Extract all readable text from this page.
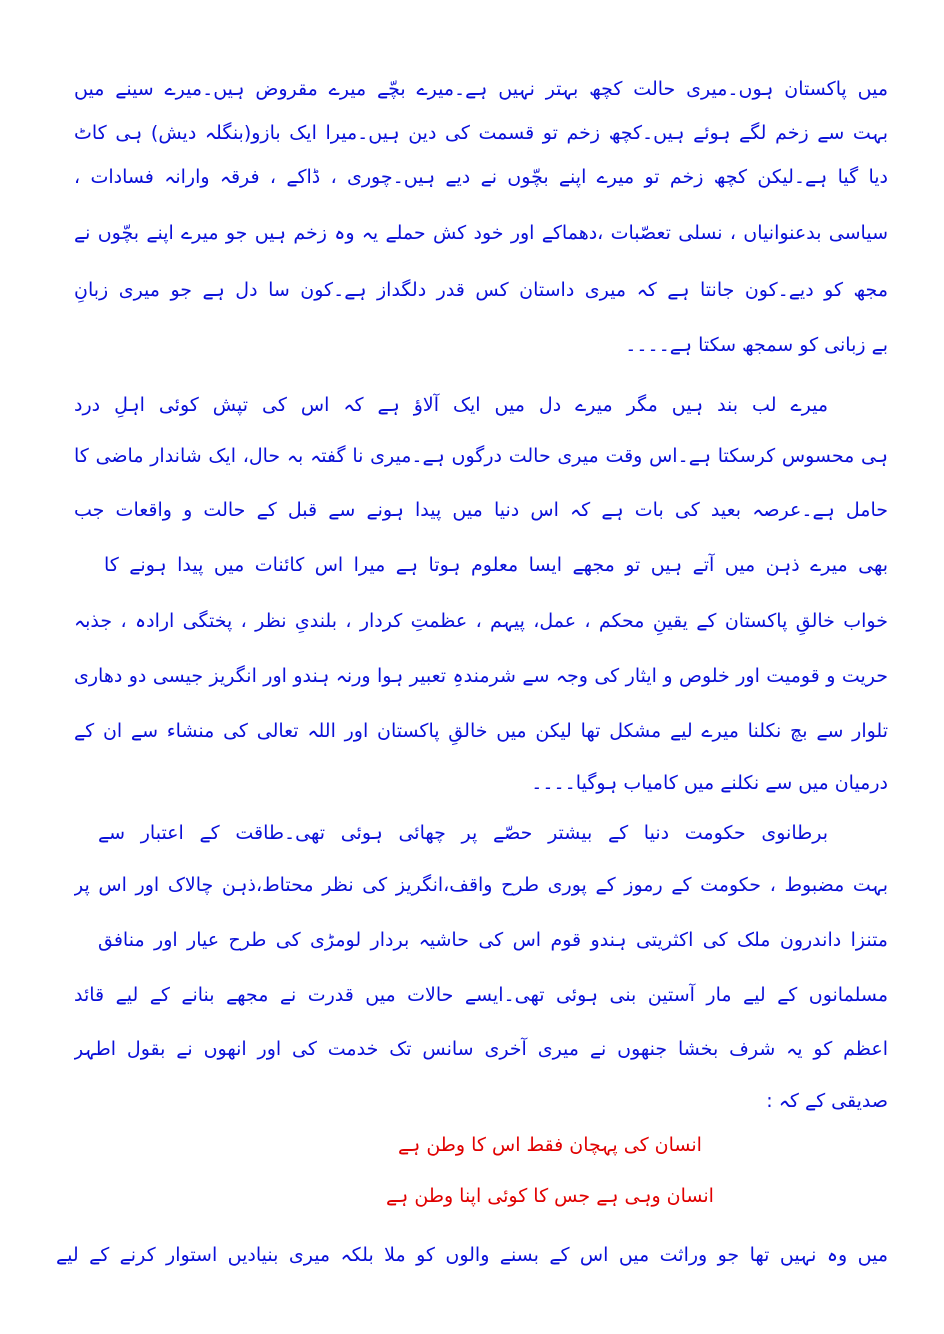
میں پاکستان ہوں۔میری حالت کچھ بہتر نہیں ہے۔میرے بچّے میرے مقروض ہیں۔میرے سینے میں
بہت سے زخم لگے ہوئے ہیں۔کچھ زخم تو قسمت کی دین ہیں۔میرا ایک بازو(بنگلہ دیش) ہی کاٹ
دیا گیا ہے۔لیکن کچھ زخم تو میرے اپنے بچّوں نے دیے ہیں۔چوری ، ڈاکے ، فرقہ وارانہ فسادات ،
سیاسی بدعنوانیاں ، نسلی تعصّبات ،دھماکے اور خود کش حملے یہ وہ زخم ہیں جو میرے اپنے بچّوں نے
مجھ کو دیے۔کون جانتا ہے کہ میری داستان کس قدر دلگداز ہے۔کون سا دل ہے جو میری زبانِ
بے زبانی کو سمجھ سکتا ہے۔۔۔۔
میرے لب بند ہیں مگر میرے دل میں ایک آلاؤ ہے کہ اس کی تپش کوئی اہلِ درد
ہی محسوس کرسکتا ہے۔اس وقت میری حالت درگوں ہے۔میری نا گفتہ بہ حال، ایک شاندار ماضی کا
حامل ہے۔عرصہ بعید کی بات ہے کہ اس دنیا میں پیدا ہونے سے قبل کے حالت و واقعات جب
بھی میرے ذہن میں آتے ہیں تو مجھے ایسا معلوم ہوتا ہے میرا اس کائنات میں پیدا ہونے کا
خواب خالقِ پاکستان کے یقینِ محکم ، عمل، پیہم ، عظمتِ کردار ، بلندیِ نظر ، پختگی ارادہ ، جذبہ
حریت و قومیت اور خلوص و ایثار کی وجہ سے شرمندہِ تعبیر ہوا ورنہ ہندو اور انگریز جیسی دو دھاری
تلوار سے بچ نکلنا میرے لیے مشکل تھا لیکن میں خالقِ پاکستان اور اللہ تعالی کی منشاء سے ان کے
درمیان میں سے نکلنے میں کامیاب ہوگیا۔۔۔۔
برطانوی حکومت دنیا کے بیشتر حصّے پر چھائی ہوئی تھی۔طاقت کے اعتبار سے
بہت مضبوط ، حکومت کے رموز کے پوری طرح واقف،انگریز کی نظر محتاط،ذہن چالاک اور اس پر
متنزا داندرون ملک کی اکثریتی ہندو قوم اس کی حاشیہ بردار لومڑی کی طرح عیار اور منافق
مسلمانوں کے لیے مار آستین بنی ہوئی تھی۔ایسے حالات میں قدرت نے مجھے بنانے کے لیے قائد
اعظم کو یہ شرف بخشا جنھوں نے میری آخری سانس تک خدمت کی اور انھوں نے بقول اطہر
صدیقی کے کہ :
انسان کی پہچان فقط اس کا وطن ہے
انسان وہی ہے جس کا کوئی اپنا وطن ہے
میں وہ نہیں تھا جو وراثت میں اس کے بسنے والوں کو ملا بلکہ میری بنیادیں استوار کرنے کے لیے
